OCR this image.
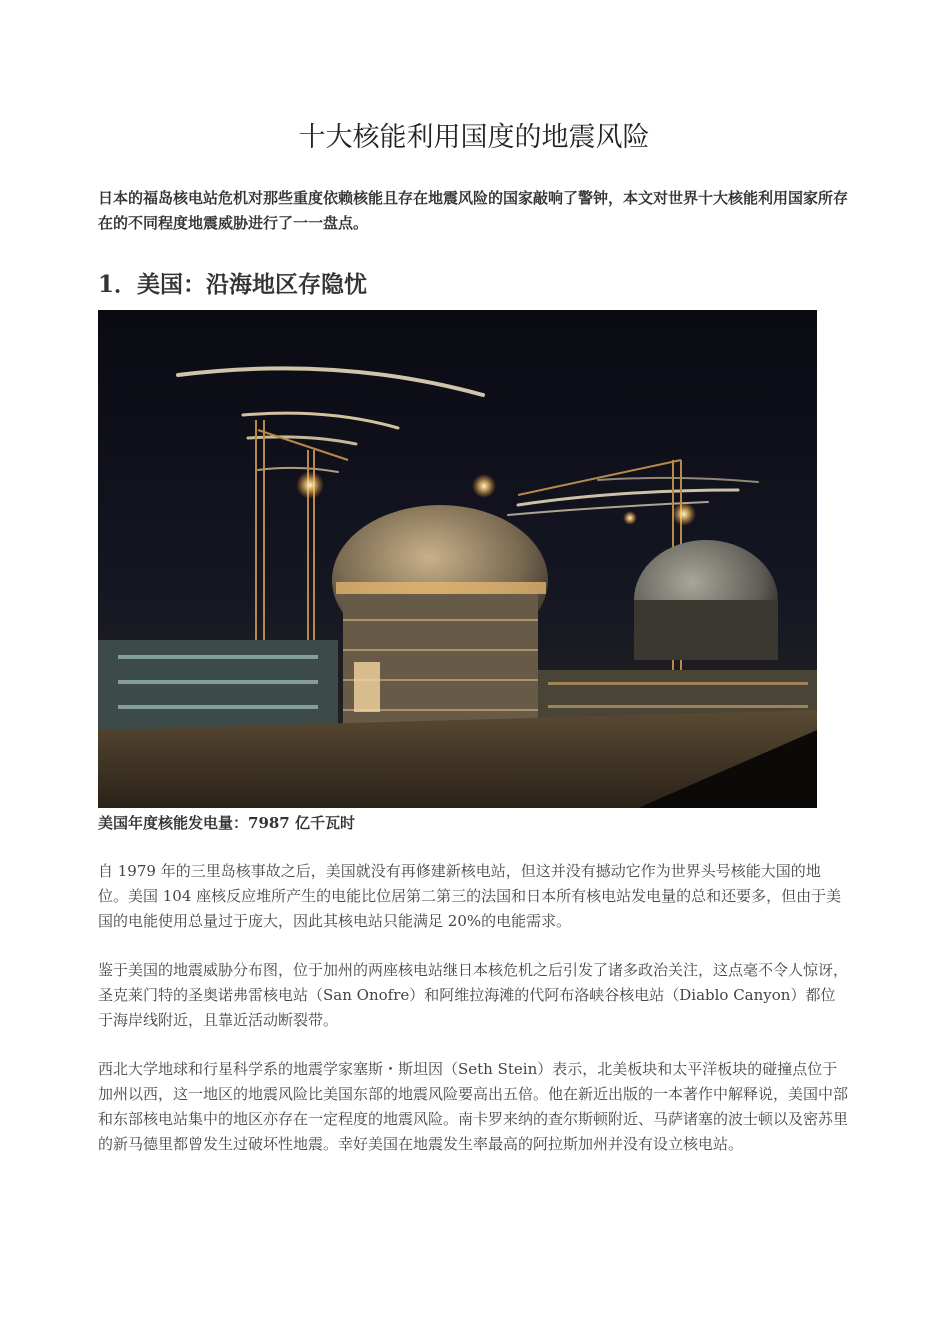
十大核能利用国度的地震风险

日本的福岛核电站危机对那些重度依赖核能且存在地震风险的国家敲响了警钟，本文对世界十大核能利用国家所存在的不同程度地震威胁进行了一一盘点。

1．美国：沿海地区存隐忧

美国年度核能发电量：7987 亿千瓦时

自 1979 年的三里岛核事故之后，美国就没有再修建新核电站，但这并没有撼动它作为世界头号核能大国的地位。美国 104 座核反应堆所产生的电能比位居第二第三的法国和日本所有核电站发电量的总和还要多，但由于美国的电能使用总量过于庞大，因此其核电站只能满足 20%的电能需求。

鉴于美国的地震威胁分布图，位于加州的两座核电站继日本核危机之后引发了诸多政治关注，这点毫不令人惊讶，圣克莱门特的圣奥诺弗雷核电站（San Onofre）和阿维拉海滩的代阿布洛峡谷核电站（Diablo Canyon）都位于海岸线附近，且靠近活动断裂带。

西北大学地球和行星科学系的地震学家塞斯・斯坦因（Seth Stein）表示，北美板块和太平洋板块的碰撞点位于加州以西，这一地区的地震风险比美国东部的地震风险要高出五倍。他在新近出版的一本著作中解释说，美国中部和东部核电站集中的地区亦存在一定程度的地震风险。南卡罗来纳的查尔斯顿附近、马萨诸塞的波士顿以及密苏里的新马德里都曾发生过破坏性地震。幸好美国在地震发生率最高的阿拉斯加州并没有设立核电站。
